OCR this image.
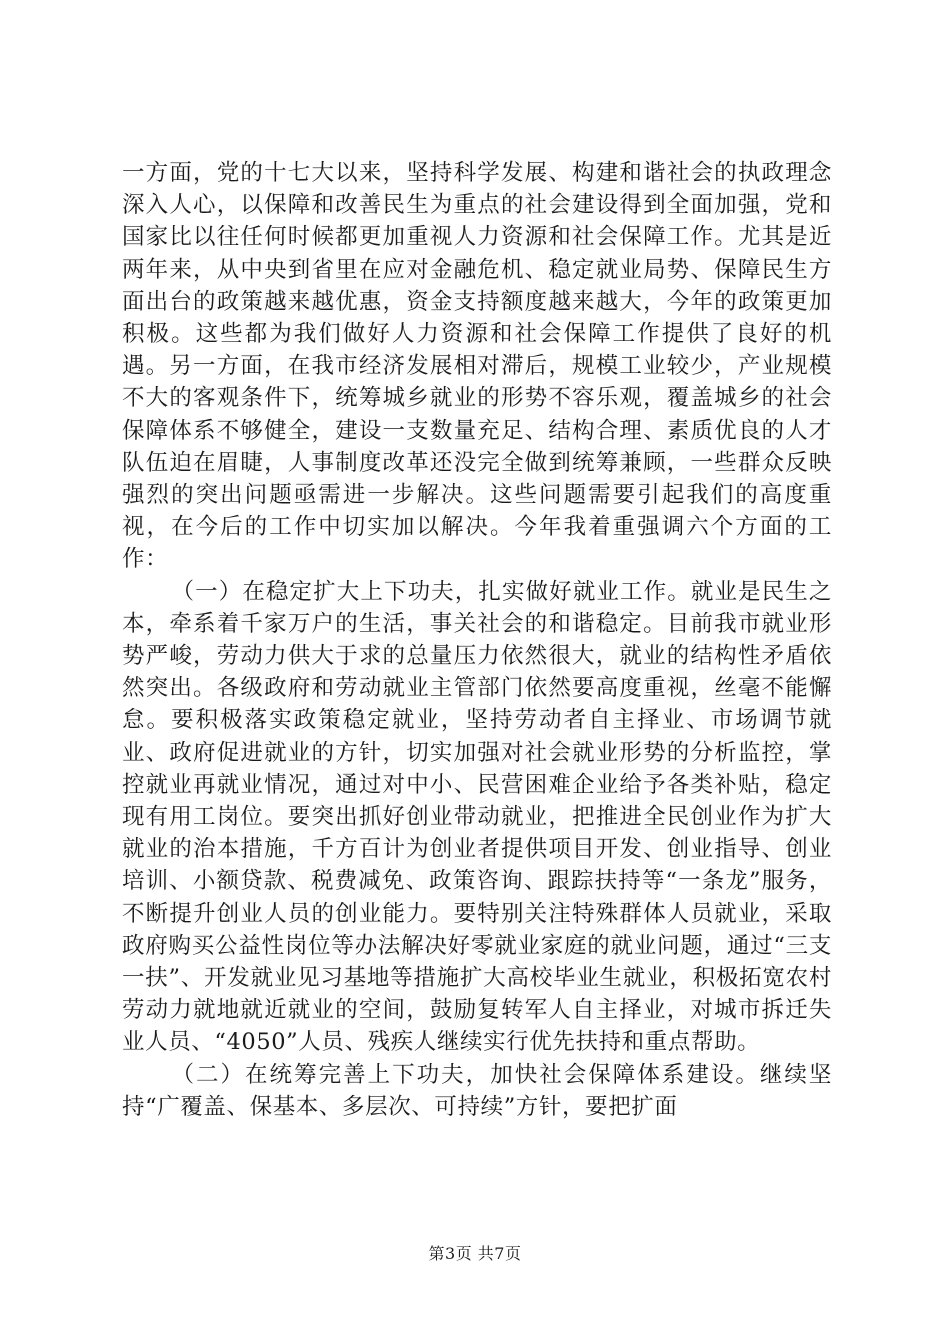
一方面，党的十七大以来，坚持科学发展、构建和谐社会的执政理念深入人心，以保障和改善民生为重点的社会建设得到全面加强，党和国家比以往任何时候都更加重视人力资源和社会保障工作。尤其是近两年来，从中央到省里在应对金融危机、稳定就业局势、保障民生方面出台的政策越来越优惠，资金支持额度越来越大，今年的政策更加积极。这些都为我们做好人力资源和社会保障工作提供了良好的机遇。另一方面，在我市经济发展相对滞后，规模工业较少，产业规模不大的客观条件下，统筹城乡就业的形势不容乐观，覆盖城乡的社会保障体系不够健全，建设一支数量充足、结构合理、素质优良的人才队伍迫在眉睫，人事制度改革还没完全做到统筹兼顾，一些群众反映强烈的突出问题亟需进一步解决。这些问题需要引起我们的高度重视，在今后的工作中切实加以解决。今年我着重强调六个方面的工作：

（一）在稳定扩大上下功夫，扎实做好就业工作。就业是民生之本，牵系着千家万户的生活，事关社会的和谐稳定。目前我市就业形势严峻，劳动力供大于求的总量压力依然很大，就业的结构性矛盾依然突出。各级政府和劳动就业主管部门依然要高度重视，丝毫不能懈怠。要积极落实政策稳定就业，坚持劳动者自主择业、市场调节就业、政府促进就业的方针，切实加强对社会就业形势的分析监控，掌控就业再就业情况，通过对中小、民营困难企业给予各类补贴，稳定现有用工岗位。要突出抓好创业带动就业，把推进全民创业作为扩大就业的治本措施，千方百计为创业者提供项目开发、创业指导、创业培训、小额贷款、税费减免、政策咨询、跟踪扶持等“一条龙”服务，不断提升创业人员的创业能力。要特别关注特殊群体人员就业，采取政府购买公益性岗位等办法解决好零就业家庭的就业问题，通过“三支一扶”、开发就业见习基地等措施扩大高校毕业生就业，积极拓宽农村劳动力就地就近就业的空间，鼓励复转军人自主择业，对城市拆迁失业人员、“4050”人员、残疾人继续实行优先扶持和重点帮助。

（二）在统筹完善上下功夫，加快社会保障体系建设。继续坚持“广覆盖、保基本、多层次、可持续”方针，要把扩面

第3页 共7页
